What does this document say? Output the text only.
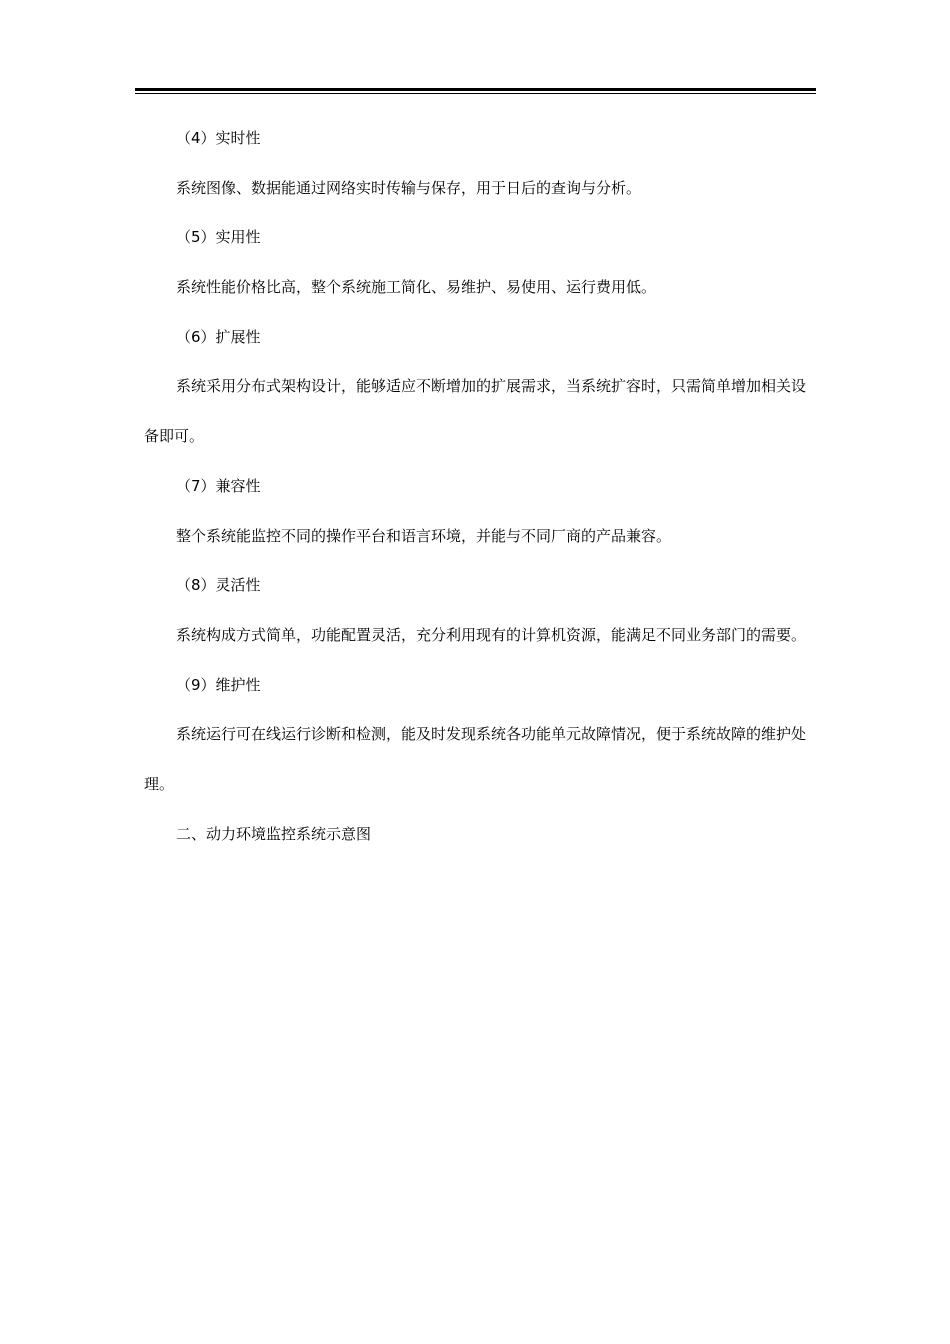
（4）实时性
系统图像、数据能通过网络实时传输与保存，用于日后的查询与分析。
（5）实用性
系统性能价格比高，整个系统施工简化、易维护、易使用、运行费用低。
（6）扩展性
系统采用分布式架构设计，能够适应不断增加的扩展需求，当系统扩容时，只需简单增加相关设备即可。
（7）兼容性
整个系统能监控不同的操作平台和语言环境，并能与不同厂商的产品兼容。
（8）灵活性
系统构成方式简单，功能配置灵活，充分利用现有的计算机资源，能满足不同业务部门的需要。
（9）维护性
系统运行可在线运行诊断和检测，能及时发现系统各功能单元故障情况，便于系统故障的维护处理。
二、动力环境监控系统示意图
